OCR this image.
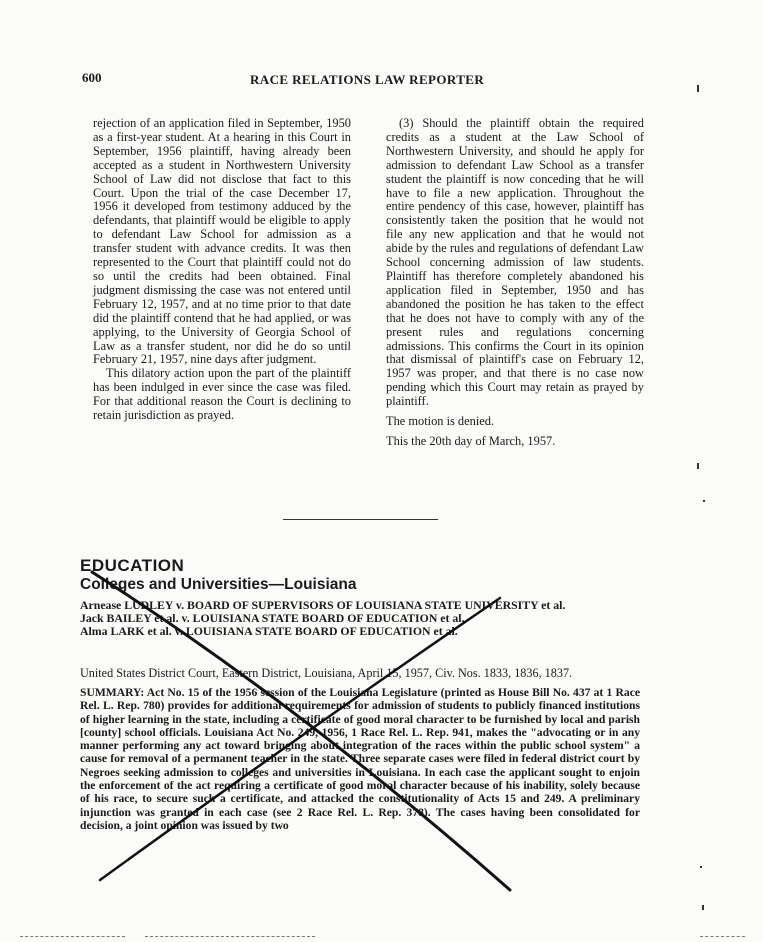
600	RACE RELATIONS LAW REPORTER

rejection of an application filed in September, 1950 as a first-year student. At a hearing in this Court in September, 1956 plaintiff, having already been accepted as a student in Northwestern University School of Law did not disclose that fact to this Court. Upon the trial of the case December 17, 1956 it developed from testimony adduced by the defendants, that plaintiff would be eligible to apply to defendant Law School for admission as a transfer student with advance credits. It was then represented to the Court that plaintiff could not do so until the credits had been obtained. Final judgment dismissing the case was not entered until February 12, 1957, and at no time prior to that date did the plaintiff contend that he had applied, or was applying, to the University of Georgia School of Law as a transfer student, nor did he do so until February 21, 1957, nine days after judgment.

This dilatory action upon the part of the plaintiff has been indulged in ever since the case was filed. For that additional reason the Court is declining to retain jurisdiction as prayed.

(3) Should the plaintiff obtain the required credits as a student at the Law School of Northwestern University, and should he apply for admission to defendant Law School as a transfer student the plaintiff is now conceding that he will have to file a new application. Throughout the entire pendency of this case, however, plaintiff has consistently taken the position that he would not file any new application and that he would not abide by the rules and regulations of defendant Law School concerning admission of law students. Plaintiff has therefore completely abandoned his application filed in September, 1950 and has abandoned the position he has taken to the effect that he does not have to comply with any of the present rules and regulations concerning admissions. This confirms the Court in its opinion that dismissal of plaintiff's case on February 12, 1957 was proper, and that there is no case now pending which this Court may retain as prayed by plaintiff.

The motion is denied.

This the 20th day of March, 1957.

EDUCATION
Colleges and Universities—Louisiana

Arnease LUDLEY v. BOARD OF SUPERVISORS OF LOUISIANA STATE UNIVERSITY et al.

Jack BAILEY et al. v. LOUISIANA STATE BOARD OF EDUCATION et al.

Alma LARK et al. v. LOUISIANA STATE BOARD OF EDUCATION et al.

United States District Court, Eastern District, Louisiana, April 15, 1957, Civ. Nos. 1833, 1836, 1837.

SUMMARY: Act No. 15 of the 1956 session of the Louisiana Legislature (printed as House Bill No. 437 at 1 Race Rel. L. Rep. 780) provides for additional requirements for admission of students to publicly financed institutions of higher learning in the state, including a certificate of good moral character to be furnished by local and parish [county] school officials. Louisiana Act No. 249, 1956, 1 Race Rel. L. Rep. 941, makes the "advocating or in any manner performing any act toward bringing about integration of the races within the public school system" a cause for removal of a permanent teacher in the state. Three separate cases were filed in federal district court by Negroes seeking admission to colleges and universities in Louisiana. In each case the applicant sought to enjoin the enforcement of the act requiring a certificate of good moral character because of his inability, solely because of his race, to secure such a certificate, and attacked the constitutionality of Acts 15 and 249. A preliminary injunction was granted in each case (see 2 Race Rel. L. Rep. 378). The cases having been consolidated for decision, a joint opinion was issued by two
